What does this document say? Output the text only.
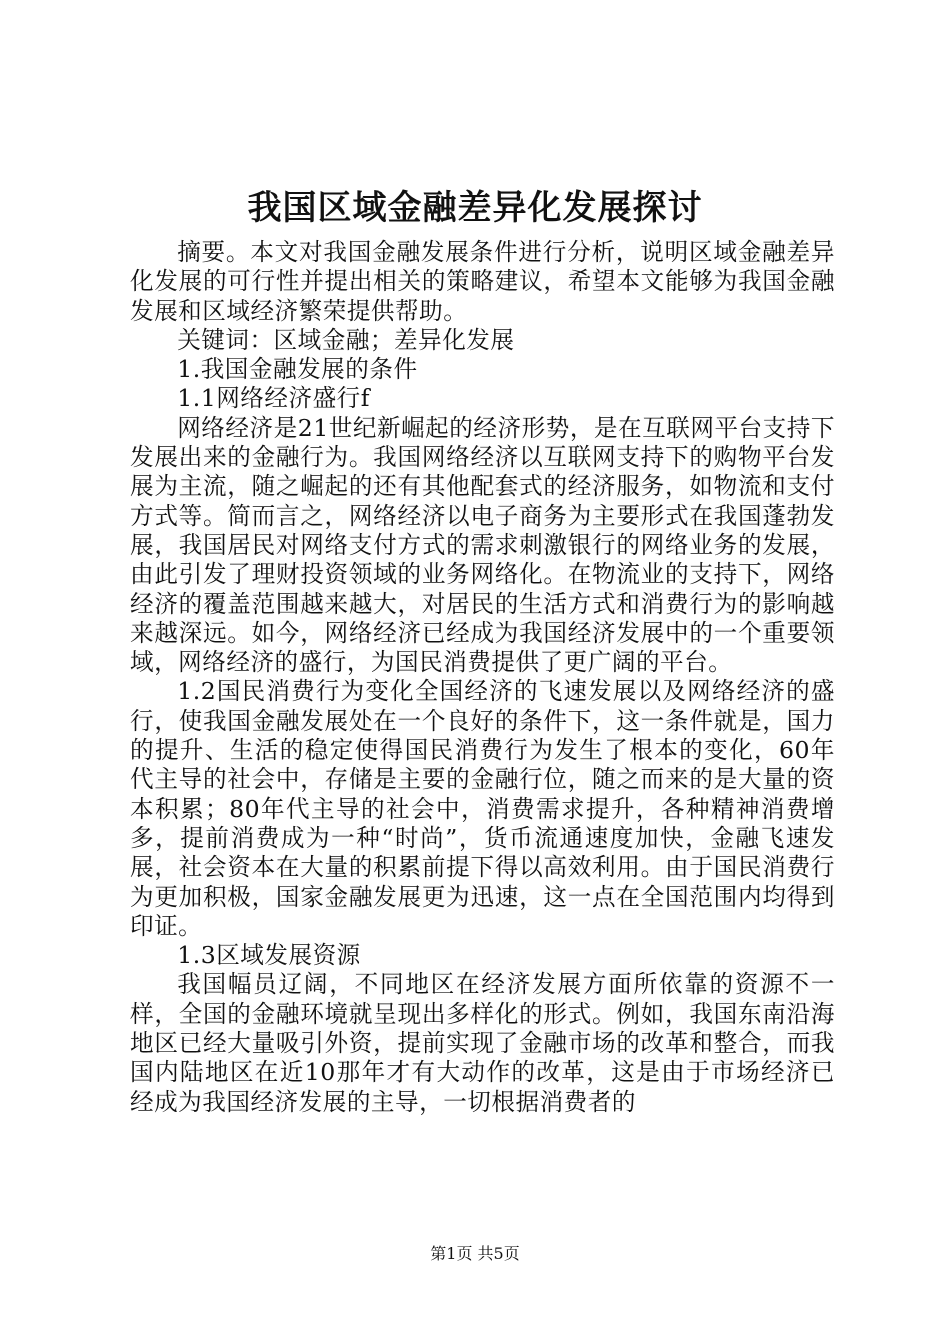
我国区域金融差异化发展探讨

摘要。本文对我国金融发展条件进行分析，说明区域金融差异化发展的可行性并提出相关的策略建议，希望本文能够为我国金融发展和区域经济繁荣提供帮助。

关键词：区域金融；差异化发展

1.我国金融发展的条件

1.1网络经济盛行f

网络经济是21世纪新崛起的经济形势，是在互联网平台支持下发展出来的金融行为。我国网络经济以互联网支持下的购物平台发展为主流，随之崛起的还有其他配套式的经济服务，如物流和支付方式等。简而言之，网络经济以电子商务为主要形式在我国蓬勃发展，我国居民对网络支付方式的需求刺激银行的网络业务的发展，由此引发了理财投资领域的业务网络化。在物流业的支持下，网络经济的覆盖范围越来越大，对居民的生活方式和消费行为的影响越来越深远。如今，网络经济已经成为我国经济发展中的一个重要领域，网络经济的盛行，为国民消费提供了更广阔的平台。

1.2国民消费行为变化全国经济的飞速发展以及网络经济的盛行，使我国金融发展处在一个良好的条件下，这一条件就是，国力的提升、生活的稳定使得国民消费行为发生了根本的变化，60年代主导的社会中，存储是主要的金融行位，随之而来的是大量的资本积累；80年代主导的社会中，消费需求提升，各种精神消费增多，提前消费成为一种“时尚”，货币流通速度加快，金融飞速发展，社会资本在大量的积累前提下得以高效利用。由于国民消费行为更加积极，国家金融发展更为迅速，这一点在全国范围内均得到印证。

1.3区域发展资源

我国幅员辽阔，不同地区在经济发展方面所依靠的资源不一样，全国的金融环境就呈现出多样化的形式。例如，我国东南沿海地区已经大量吸引外资，提前实现了金融市场的改革和整合，而我国内陆地区在近10那年才有大动作的改革，这是由于市场经济已经成为我国经济发展的主导，一切根据消费者的

第1页 共5页
